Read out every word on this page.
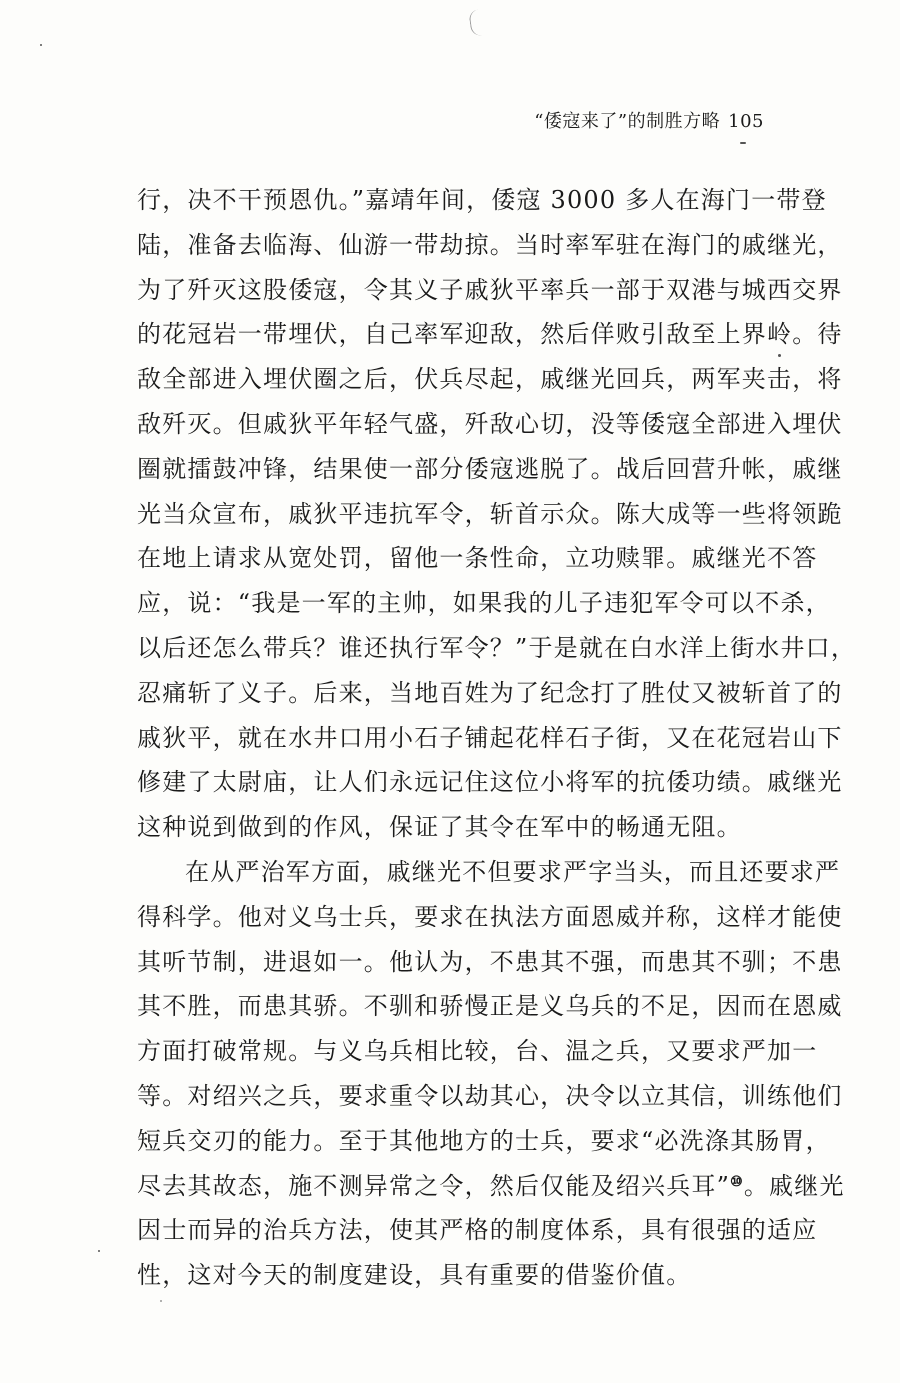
“倭寇来了”的制胜方略 105
行，决不干预恩仇。”嘉靖年间，倭寇 3000 多人在海门一带登
陆，准备去临海、仙游一带劫掠。当时率军驻在海门的戚继光，
为了歼灭这股倭寇，令其义子戚狄平率兵一部于双港与城西交界
的花冠岩一带埋伏，自己率军迎敌，然后佯败引敌至上界岭。待
敌全部进入埋伏圈之后，伏兵尽起，戚继光回兵，两军夹击，将
敌歼灭。但戚狄平年轻气盛，歼敌心切，没等倭寇全部进入埋伏
圈就擂鼓冲锋，结果使一部分倭寇逃脱了。战后回营升帐，戚继
光当众宣布，戚狄平违抗军令，斩首示众。陈大成等一些将领跪
在地上请求从宽处罚，留他一条性命，立功赎罪。戚继光不答
应，说：“我是一军的主帅，如果我的儿子违犯军令可以不杀，
以后还怎么带兵？谁还执行军令？”于是就在白水洋上街水井口，
忍痛斩了义子。后来，当地百姓为了纪念打了胜仗又被斩首了的
戚狄平，就在水井口用小石子铺起花样石子街，又在花冠岩山下
修建了太尉庙，让人们永远记住这位小将军的抗倭功绩。戚继光
这种说到做到的作风，保证了其令在军中的畅通无阻。
在从严治军方面，戚继光不但要求严字当头，而且还要求严
得科学。他对义乌士兵，要求在执法方面恩威并称，这样才能使
其听节制，进退如一。他认为，不患其不强，而患其不驯；不患
其不胜，而患其骄。不驯和骄慢正是义乌兵的不足，因而在恩威
方面打破常规。与义乌兵相比较，台、温之兵，又要求严加一
等。对绍兴之兵，要求重令以劫其心，决令以立其信，训练他们
短兵交刃的能力。至于其他地方的士兵，要求“必洗涤其肠胃，
尽去其故态，施不测异常之令，然后仅能及绍兴兵耳”⑩。戚继光
因士而异的治兵方法，使其严格的制度体系，具有很强的适应
性，这对今天的制度建设，具有重要的借鉴价值。
